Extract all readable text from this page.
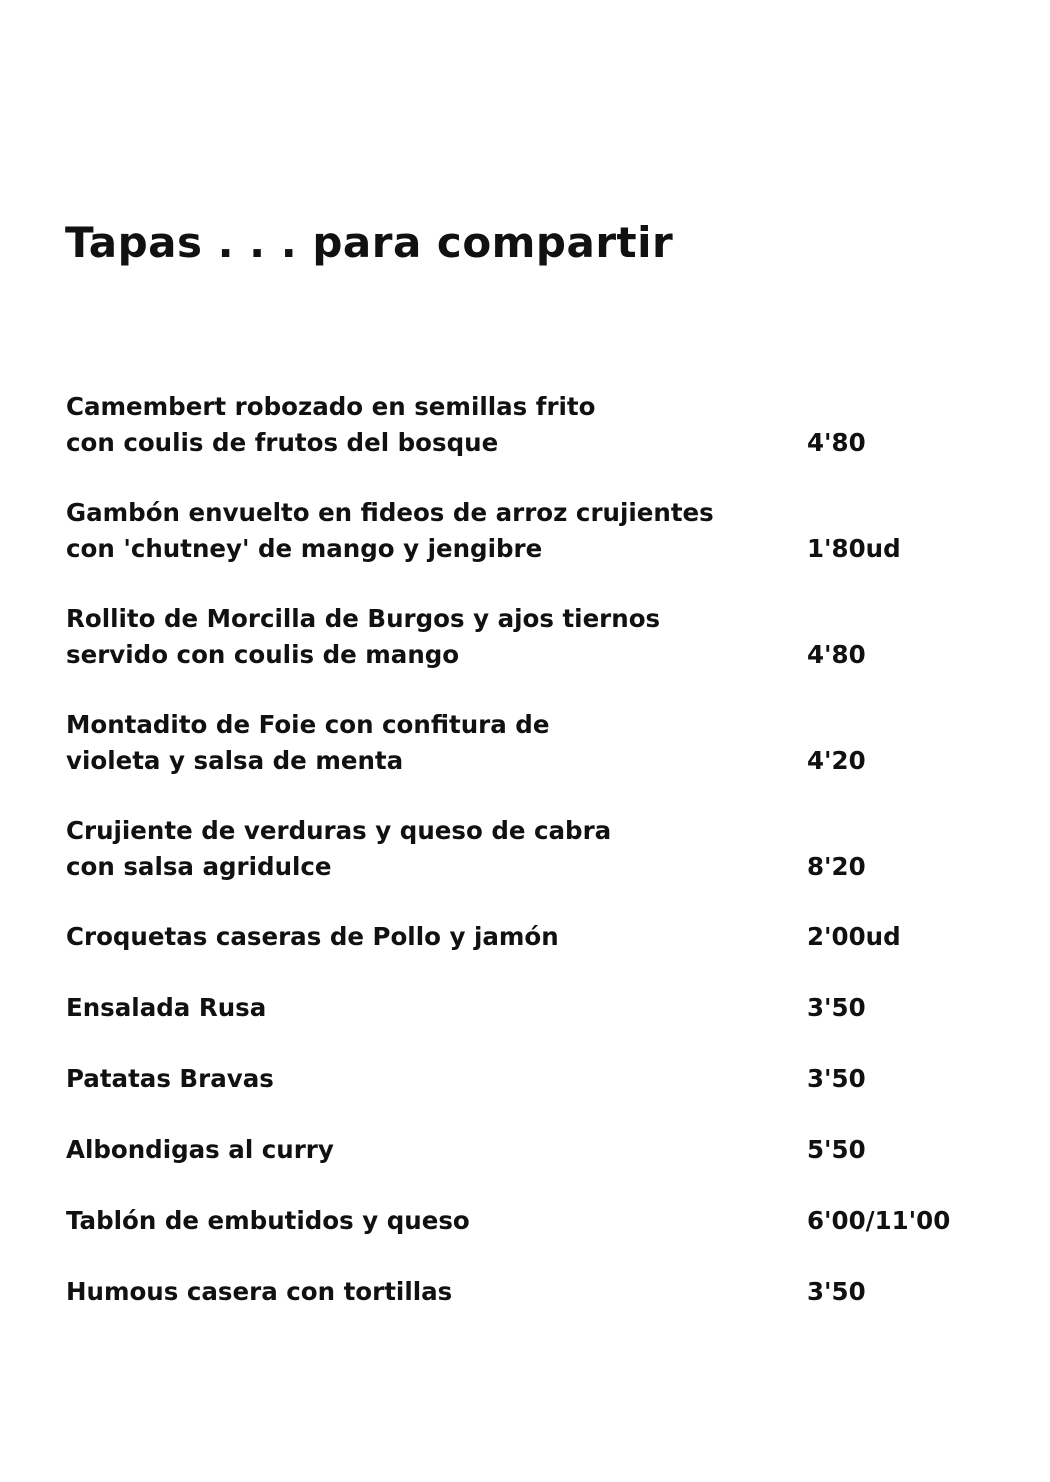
Tapas . . . para compartir
Camembert robozado en semillas frito
con coulis de frutos del bosque	4'80
Gambón envuelto en fideos de arroz crujientes
con 'chutney' de mango y jengibre	1'80ud
Rollito de Morcilla de Burgos y ajos tiernos
servido con coulis de mango	4'80
Montadito de Foie con confitura de
violeta y salsa de menta	4'20
Crujiente de verduras y queso de cabra
con salsa agridulce	8'20
Croquetas caseras de Pollo y jamón	2'00ud
Ensalada Rusa	3'50
Patatas Bravas	3'50
Albondigas al curry	5'50
Tablón de embutidos y queso	6'00/11'00
Humous casera con tortillas	3'50
